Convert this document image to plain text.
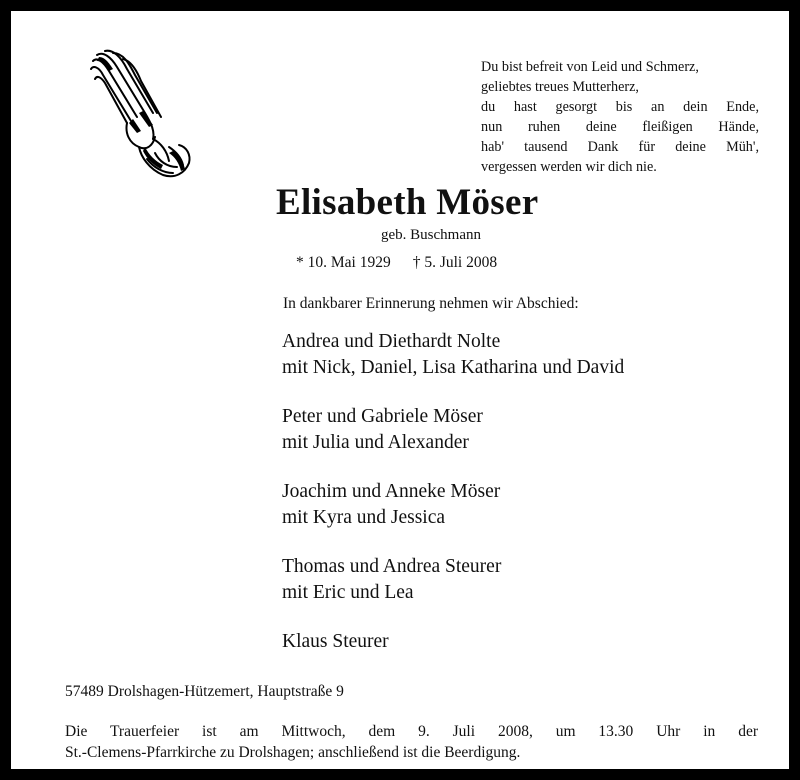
Du bist befreit von Leid und Schmerz,
geliebtes treues Mutterherz,
du hast gesorgt bis an dein Ende,
nun ruhen deine fleißigen Hände,
hab' tausend Dank für deine Müh',
vergessen werden wir dich nie.
Elisabeth Möser
geb. Buschmann
* 10. Mai 1929 † 5. Juli 2008
In dankbarer Erinnerung nehmen wir Abschied:
Andrea und Diethardt Nolte
mit Nick, Daniel, Lisa Katharina und David
Peter und Gabriele Möser
mit Julia und Alexander
Joachim und Anneke Möser
mit Kyra und Jessica
Thomas und Andrea Steurer
mit Eric und Lea
Klaus Steurer
57489 Drolshagen-Hützemert, Hauptstraße 9
Die Trauerfeier ist am Mittwoch, dem 9. Juli 2008, um 13.30 Uhr in der
St.-Clemens-Pfarrkirche zu Drolshagen; anschließend ist die Beerdigung.
